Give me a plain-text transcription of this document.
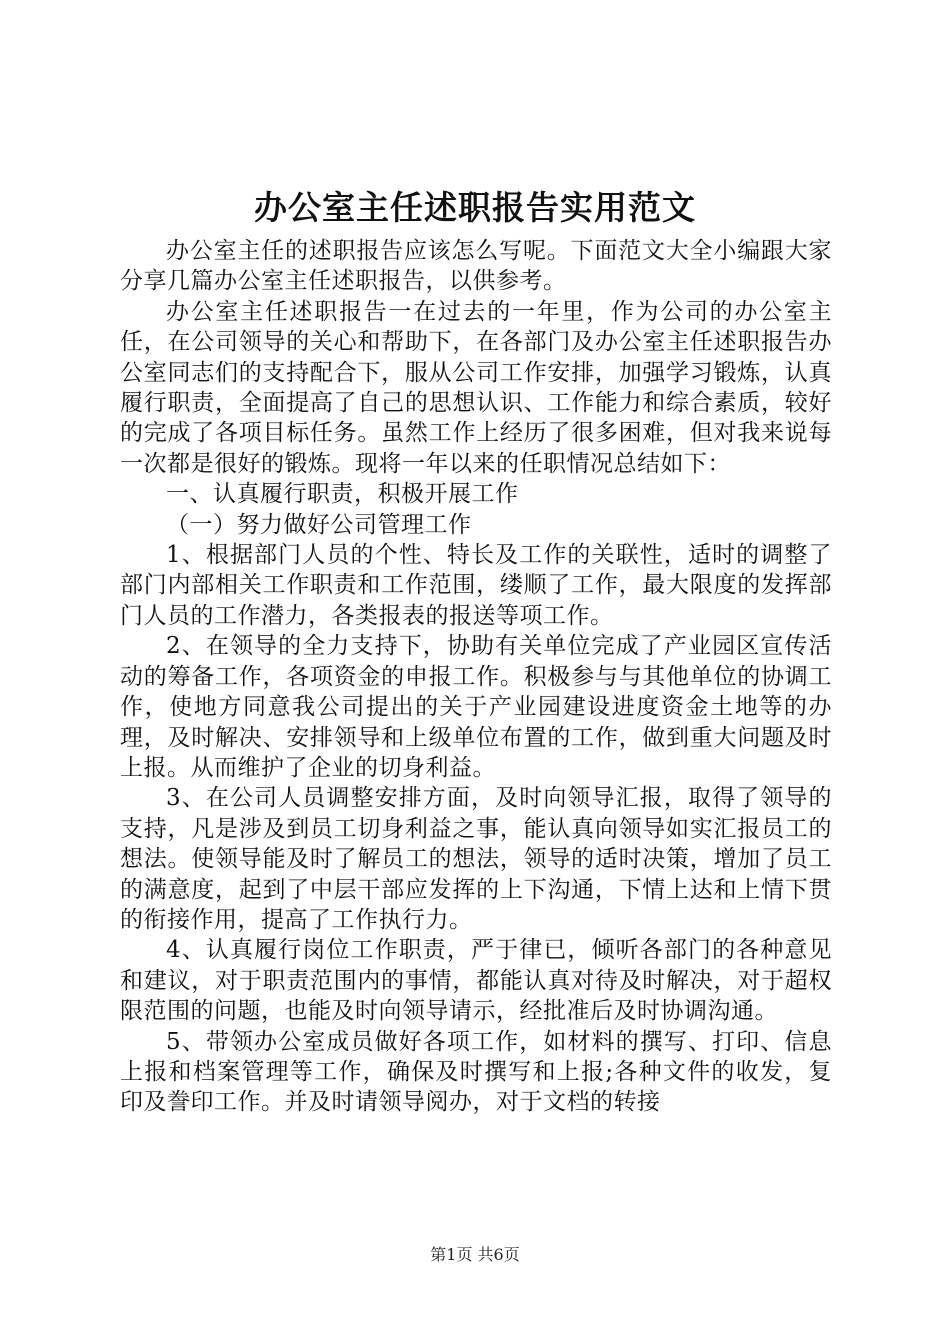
办公室主任述职报告实用范文

办公室主任的述职报告应该怎么写呢。下面范文大全小编跟大家分享几篇办公室主任述职报告，以供参考。

办公室主任述职报告一在过去的一年里，作为公司的办公室主任，在公司领导的关心和帮助下，在各部门及办公室主任述职报告办公室同志们的支持配合下，服从公司工作安排，加强学习锻炼，认真履行职责，全面提高了自己的思想认识、工作能力和综合素质，较好的完成了各项目标任务。虽然工作上经历了很多困难，但对我来说每一次都是很好的锻炼。现将一年以来的任职情况总结如下：

一、认真履行职责，积极开展工作

（一）努力做好公司管理工作

1、根据部门人员的个性、特长及工作的关联性，适时的调整了部门内部相关工作职责和工作范围，缕顺了工作，最大限度的发挥部门人员的工作潜力，各类报表的报送等项工作。

2、在领导的全力支持下，协助有关单位完成了产业园区宣传活动的筹备工作，各项资金的申报工作。积极参与与其他单位的协调工作，使地方同意我公司提出的关于产业园建设进度资金土地等的办理，及时解决、安排领导和上级单位布置的工作，做到重大问题及时上报。从而维护了企业的切身利益。

3、在公司人员调整安排方面，及时向领导汇报，取得了领导的支持，凡是涉及到员工切身利益之事，能认真向领导如实汇报员工的想法。使领导能及时了解员工的想法，领导的适时决策，增加了员工的满意度，起到了中层干部应发挥的上下沟通，下情上达和上情下贯的衔接作用，提高了工作执行力。

4、认真履行岗位工作职责，严于律已，倾听各部门的各种意见和建议，对于职责范围内的事情，都能认真对待及时解决，对于超权限范围的问题，也能及时向领导请示，经批准后及时协调沟通。

5、带领办公室成员做好各项工作，如材料的撰写、打印、信息上报和档案管理等工作，确保及时撰写和上报;各种文件的收发，复印及誊印工作。并及时请领导阅办，对于文档的转接

第1页 共6页
